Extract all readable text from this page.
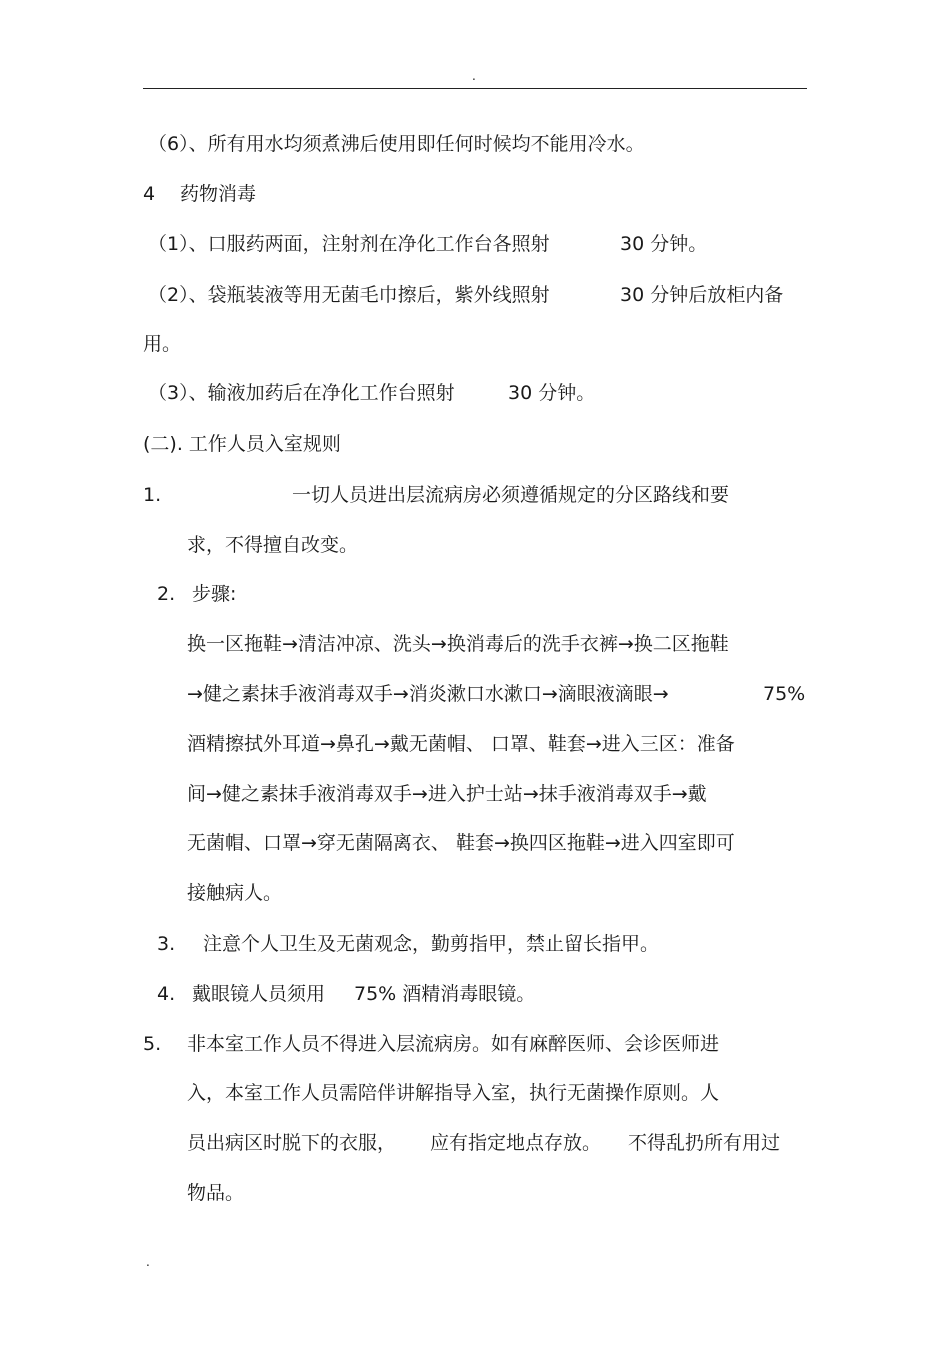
.
（6）、所有用水均须煮沸后使用即任何时候均不能用冷水。
4 药物消毒
（1）、口服药两面，注射剂在净化工作台各照射	30 分钟。
（2）、袋瓶装液等用无菌毛巾擦后，紫外线照射	30 分钟后放柜内备
用。
（3）、输液加药后在净化工作台照射	30 分钟。
(二). 工作人员入室规则
1.	一切人员进出层流病房必须遵循规定的分区路线和要
求，不得擅自改变。
2. 步骤:
换一区拖鞋→清洁冲凉、洗头→换消毒后的洗手衣裤→换二区拖鞋
→健之素抹手液消毒双手→消炎漱口水漱口→滴眼液滴眼→	75%
酒精擦拭外耳道→鼻孔→戴无菌帽、 口罩、鞋套→进入三区：准备
间→健之素抹手液消毒双手→进入护士站→抹手液消毒双手→戴
无菌帽、口罩→穿无菌隔离衣、 鞋套→换四区拖鞋→进入四室即可
接触病人。
3. 注意个人卫生及无菌观念，勤剪指甲，禁止留长指甲。
4. 戴眼镜人员须用 75% 酒精消毒眼镜。
5. 非本室工作人员不得进入层流病房。如有麻醉医师、会诊医师进
入，本室工作人员需陪伴讲解指导入室，执行无菌操作原则。人
员出病区时脱下的衣服， 应有指定地点存放。 不得乱扔所有用过
物品。
.
